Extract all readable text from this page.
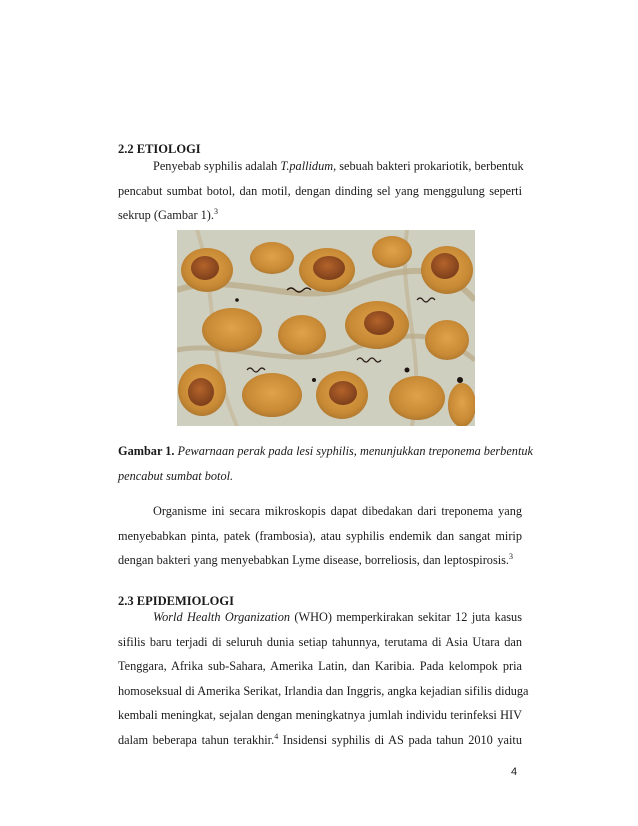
2.2 ETIOLOGI
Penyebab syphilis adalah T.pallidum, sebuah bakteri prokariotik, berbentuk
pencabut sumbat botol, dan motil, dengan dinding sel yang menggulung seperti
sekrup (Gambar 1).$^3$
Gambar 1. Pewarnaan perak pada lesi syphilis, menunjukkan treponema berbentuk
pencabut sumbat botol.
Organisme ini secara mikroskopis dapat dibedakan dari treponema yang
menyebabkan pinta, patek (frambosia), atau syphilis endemik dan sangat mirip
dengan bakteri yang menyebabkan Lyme disease, borreliosis, dan leptospirosis.$^3$
2.3 EPIDEMIOLOGI
World Health Organization (WHO) memperkirakan sekitar 12 juta kasus
sifilis baru terjadi di seluruh dunia setiap tahunnya, terutama di Asia Utara dan
Tenggara, Afrika sub-Sahara, Amerika Latin, dan Karibia. Pada kelompok pria
homoseksual di Amerika Serikat, Irlandia dan Inggris, angka kejadian sifilis diduga
kembali meningkat, sejalan dengan meningkatnya jumlah individu terinfeksi HIV
dalam beberapa tahun terakhir.$^4$ Insidensi syphilis di AS pada tahun 2010 yaitu
4
